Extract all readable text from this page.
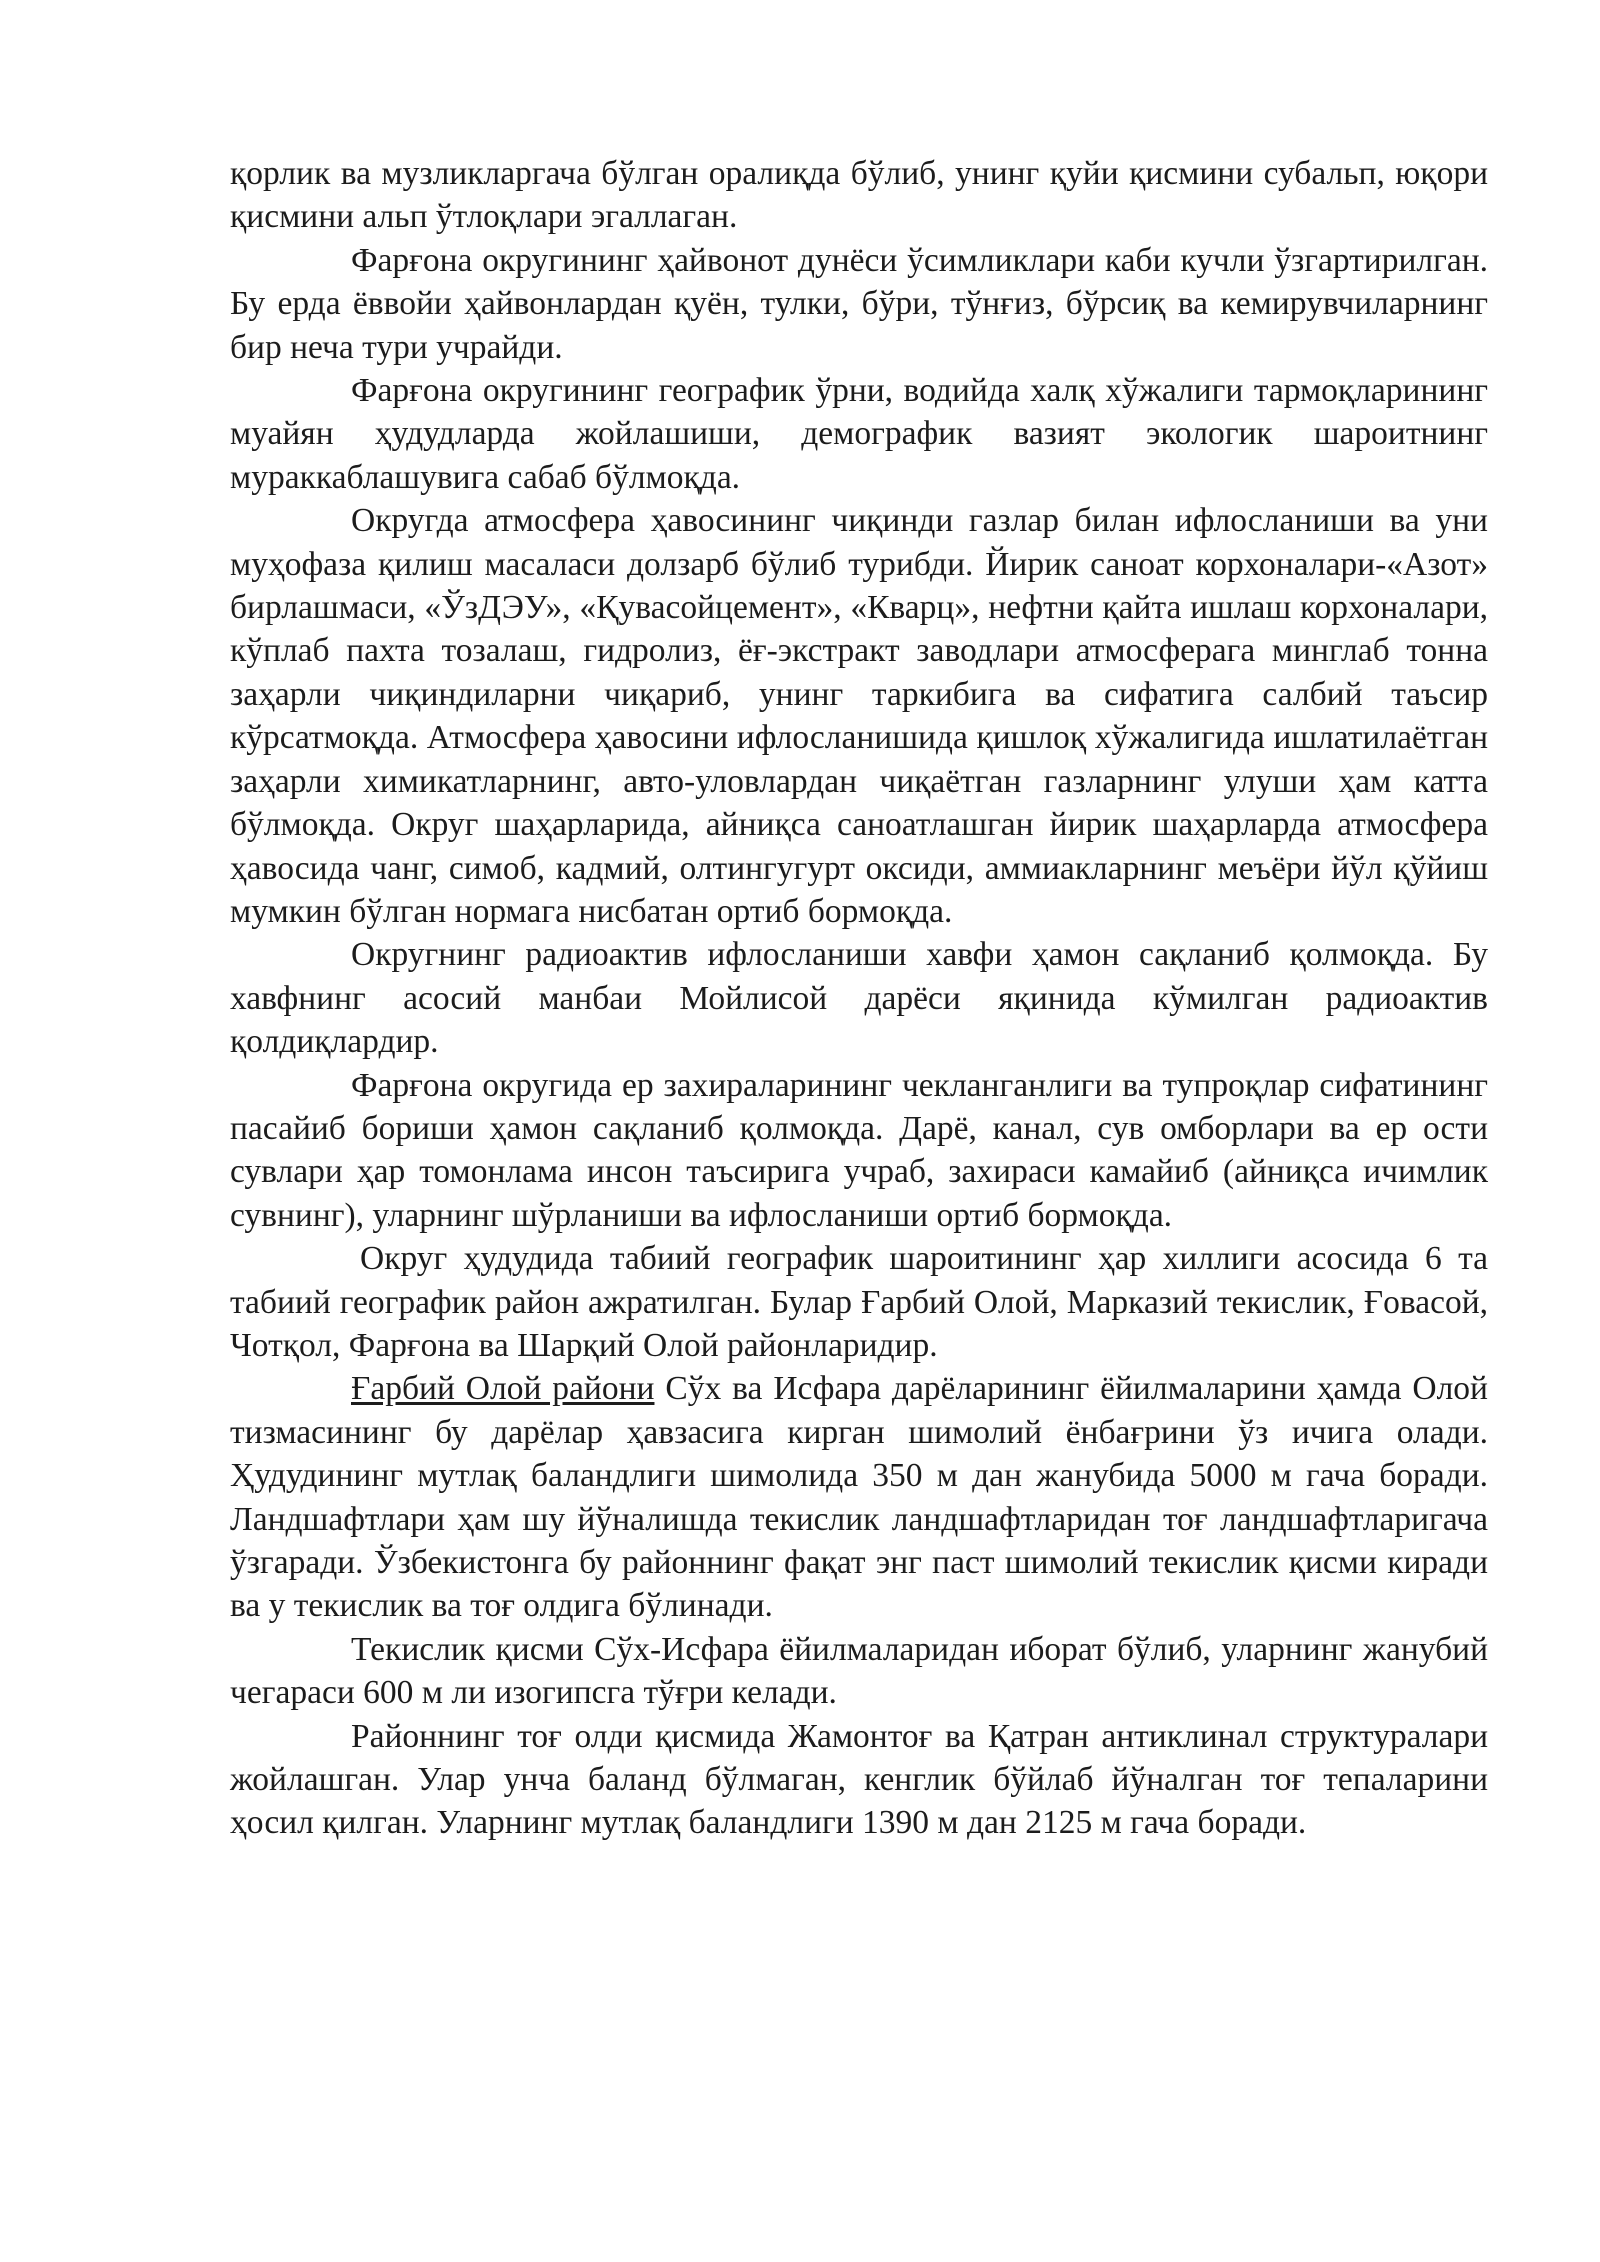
қорлик ва музликларгача бўлган оралиқда бўлиб, унинг қуйи қисмини субальп, юқори қисмини альп ўтлоқлари эгаллаган.

Фарғона округининг ҳайвонот дунёси ўсимликлари каби кучли ўзгартирилган. Бу ерда ёввойи ҳайвонлардан қуён, тулки, бўри, тўнғиз, бўрсиқ ва кемирувчиларнинг бир неча тури учрайди.

Фарғона округининг географик ўрни, водийда халқ хўжалиги тармоқларининг муайян ҳудудларда жойлашиши, демографик вазият экологик шароитнинг мураккаблашувига сабаб бўлмоқда.

Округда атмосфера ҳавосининг чиқинди газлар билан ифлосланиши ва уни муҳофаза қилиш масаласи долзарб бўлиб турибди. Йирик саноат корхоналари-«Азот» бирлашмаси, «ЎзДЭУ», «Қувасойцемент», «Кварц», нефтни қайта ишлаш корхоналари, кўплаб пахта тозалаш, гидролиз, ёғ-экстракт заводлари атмосферага минглаб тонна заҳарли чиқиндиларни чиқариб, унинг таркибига ва сифатига салбий таъсир кўрсатмоқда. Атмосфера ҳавосини ифлосланишида қишлоқ хўжалигида ишлатилаётган заҳарли химикатларнинг, авто-уловлардан чиқаётган газларнинг улуши ҳам катта бўлмоқда. Округ шаҳарларида, айниқса саноатлашган йирик шаҳарларда атмосфера ҳавосида чанг, симоб, кадмий, олтингугурт оксиди, аммиакларнинг меъёри йўл қўйиш мумкин бўлган нормага нисбатан ортиб бормоқда.

Округнинг радиоактив ифлосланиши хавфи ҳамон сақланиб қолмоқда. Бу хавфнинг асосий манбаи Мойлисой дарёси яқинида кўмилган радиоактив қолдиқлардир.

Фарғона округида ер захираларининг чекланганлиги ва тупроқлар сифатининг пасайиб бориши ҳамон сақланиб қолмоқда. Дарё, канал, сув омборлари ва ер ости сувлари ҳар томонлама инсон таъсирига учраб, захираси камайиб (айниқса ичимлик сувнинг), уларнинг шўрланиши ва ифлосланиши ортиб бормоқда.

Округ ҳудудида табиий географик шароитининг ҳар хиллиги асосида 6 та табиий географик район ажратилган. Булар Ғарбий Олой, Марказий текислик, Ғовасой, Чотқол, Фарғона ва Шарқий Олой районларидир.

Ғарбий Олой райони Сўх ва Исфара дарёларининг ёйилмаларини ҳамда Олой тизмасининг бу дарёлар ҳавзасига кирган шимолий ёнбағрини ўз ичига олади. Ҳудудининг мутлақ баландлиги шимолида 350 м дан жанубида 5000 м гача боради. Ландшафтлари ҳам шу йўналишда текислик ландшафтларидан тоғ ландшафтларигача ўзгаради. Ўзбекистонга бу районнинг фақат энг паст шимолий текислик қисми киради ва у текислик ва тоғ олдига бўлинади.

Текислик қисми Сўх-Исфара ёйилмаларидан иборат бўлиб, уларнинг жанубий чегараси 600 м ли изогипсга тўғри келади.

Районнинг тоғ олди қисмида Жамонтоғ ва Қатран антиклинал структуралари жойлашган. Улар унча баланд бўлмаган, кенглик бўйлаб йўналган тоғ тепаларини ҳосил қилган. Уларнинг мутлақ баландлиги 1390 м дан 2125 м гача боради.
